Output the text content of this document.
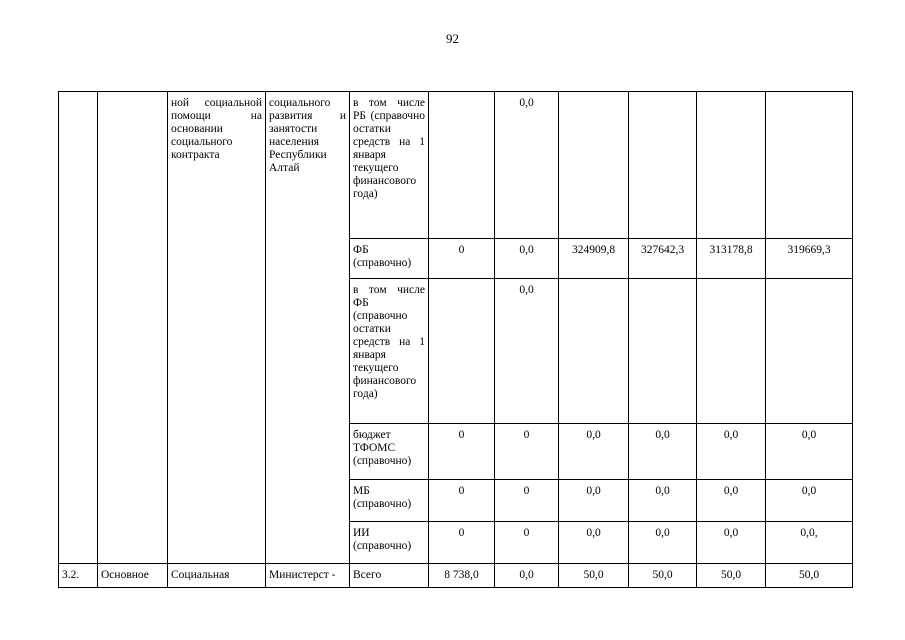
92
		ной социальной помощи на основании социального контракта	социального развития и занятости населения Республики Алтай	в том числе РБ (справочно остатки средств на 1 января текущего финансового года)		0,0				
				ФБ (справочно)	0	0,0	324909,8	327642,3	313178,8	319669,3
				в том числе ФБ (справочно остатки средств на 1 января текущего финансового года)		0,0				
				бюджет ТФОМС (справочно)	0	0	0,0	0,0	0,0	0,0
				МБ (справочно)	0	0	0,0	0,0	0,0	0,0
				ИИ (справочно)	0	0	0,0	0,0	0,0	0,0,
3.2.	Основное	Социальная	Министерст -	Всего	8 738,0	0,0	50,0	50,0	50,0	50,0
